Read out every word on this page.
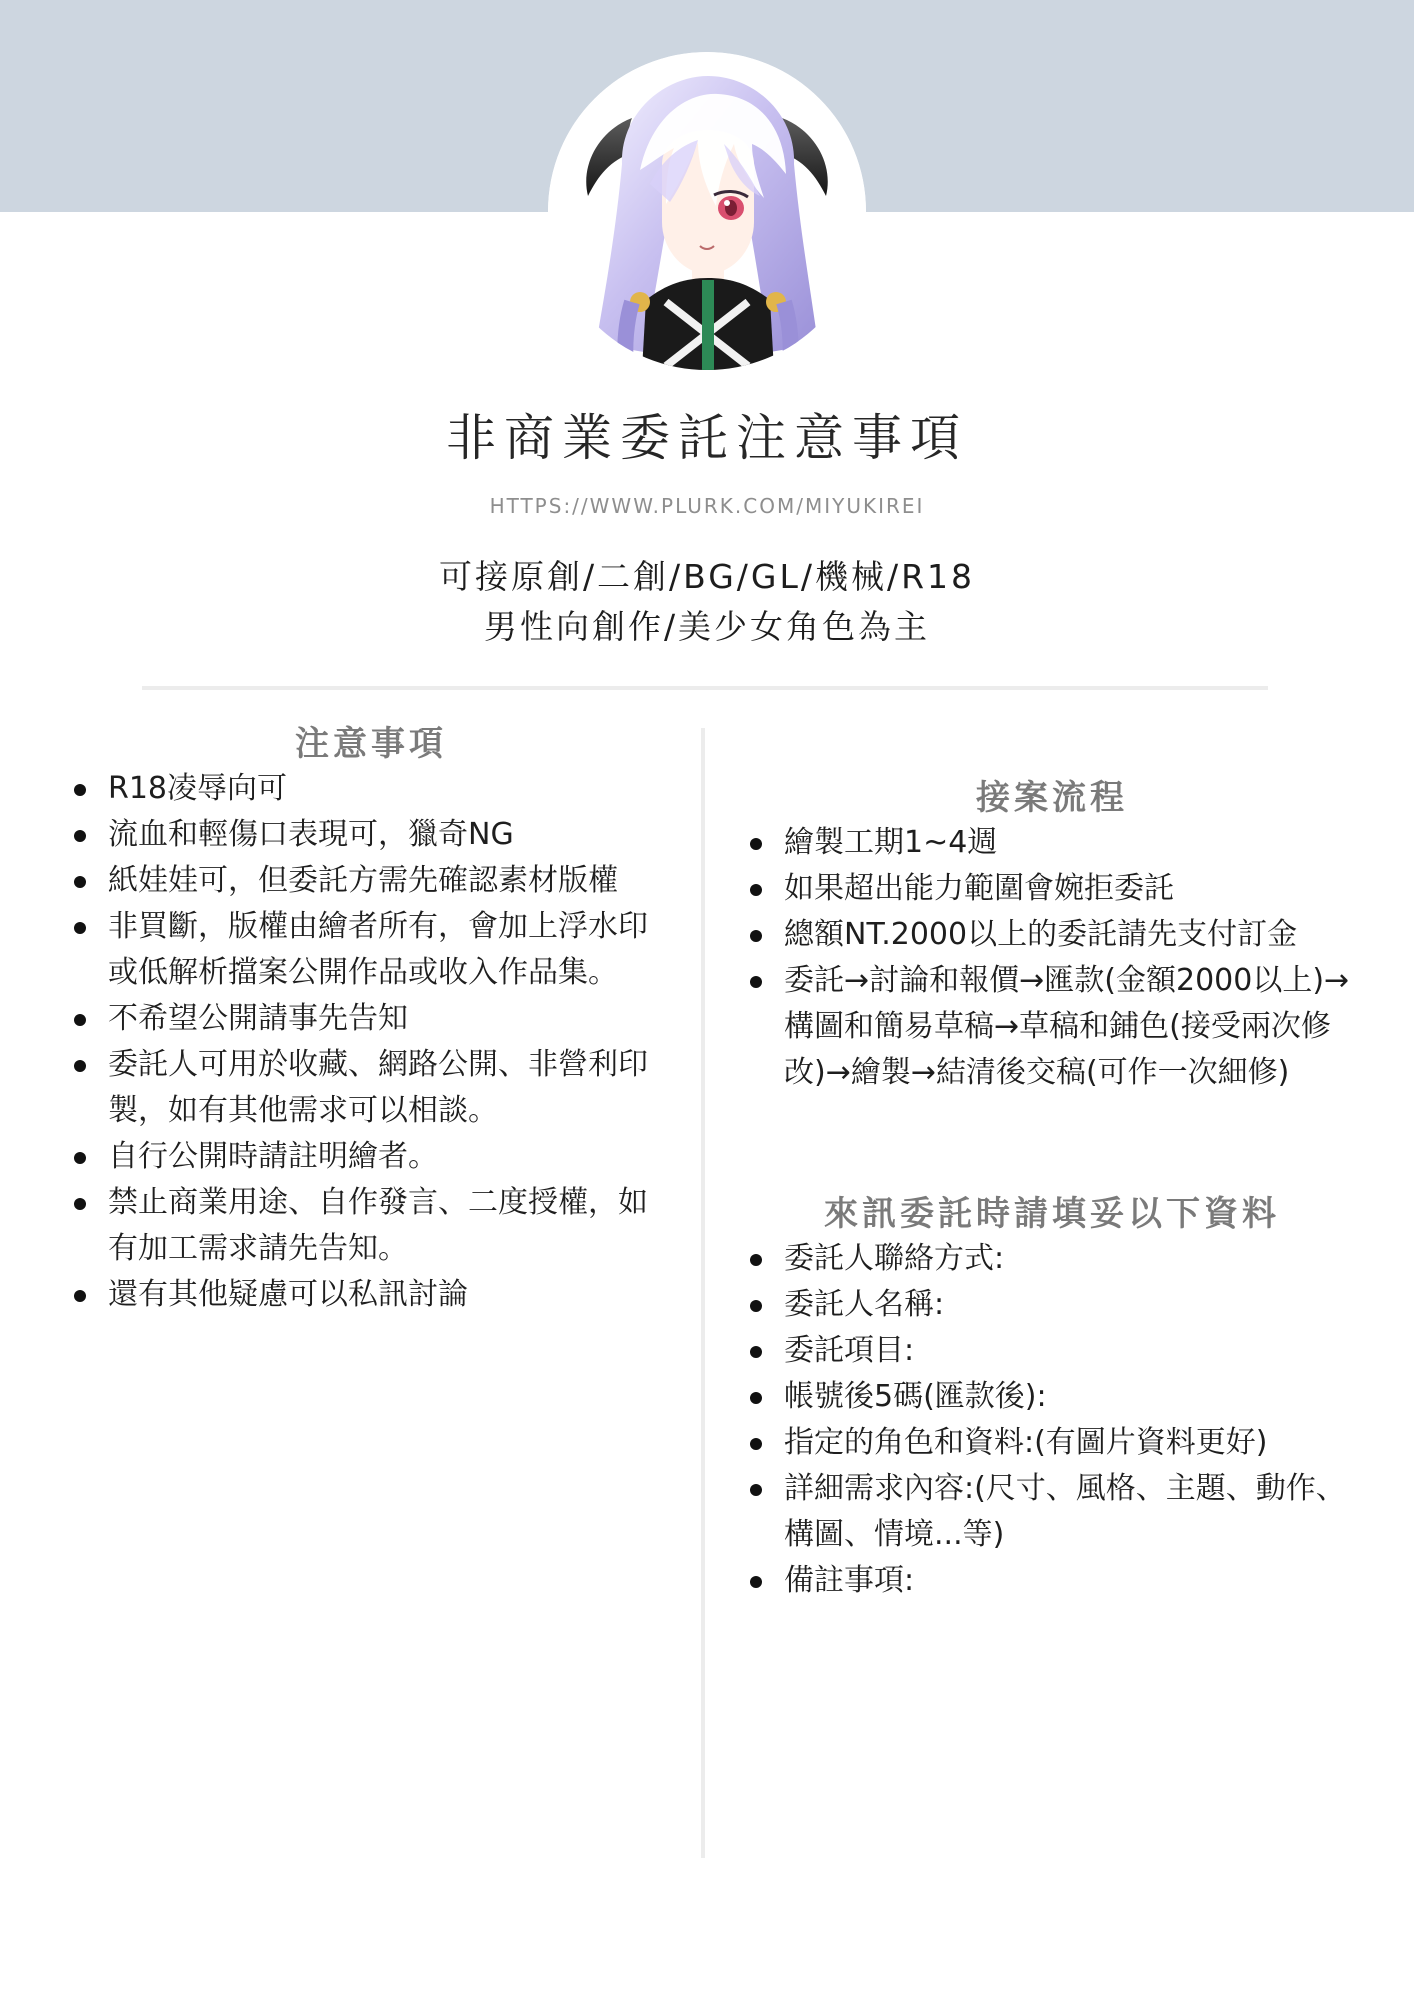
非商業委託注意事項
HTTPS://WWW.PLURK.COM/MIYUKIREI
可接原創/二創/BG/GL/機械/R18
男性向創作/美少女角色為主
注意事項
R18凌辱向可
流血和輕傷口表現可，獵奇NG
紙娃娃可，但委託方需先確認素材版權
非買斷，版權由繪者所有，會加上浮水印或低解析擋案公開作品或收入作品集。
不希望公開請事先告知
委託人可用於收藏、網路公開、非營利印製，如有其他需求可以相談。
自行公開時請註明繪者。
禁止商業用途、自作發言、二度授權，如有加工需求請先告知。
還有其他疑慮可以私訊討論
接案流程
繪製工期1~4週
如果超出能力範圍會婉拒委託
總額NT.2000以上的委託請先支付訂金
委託→討論和報價→匯款(金額2000以上)→構圖和簡易草稿→草稿和鋪色(接受兩次修改)→繪製→結清後交稿(可作一次細修)
來訊委託時請填妥以下資料
委託人聯絡方式:
委託人名稱:
委託項目:
帳號後5碼(匯款後):
指定的角色和資料:(有圖片資料更好)
詳細需求內容:(尺寸、風格、主題、動作、構圖、情境...等)
備註事項:
